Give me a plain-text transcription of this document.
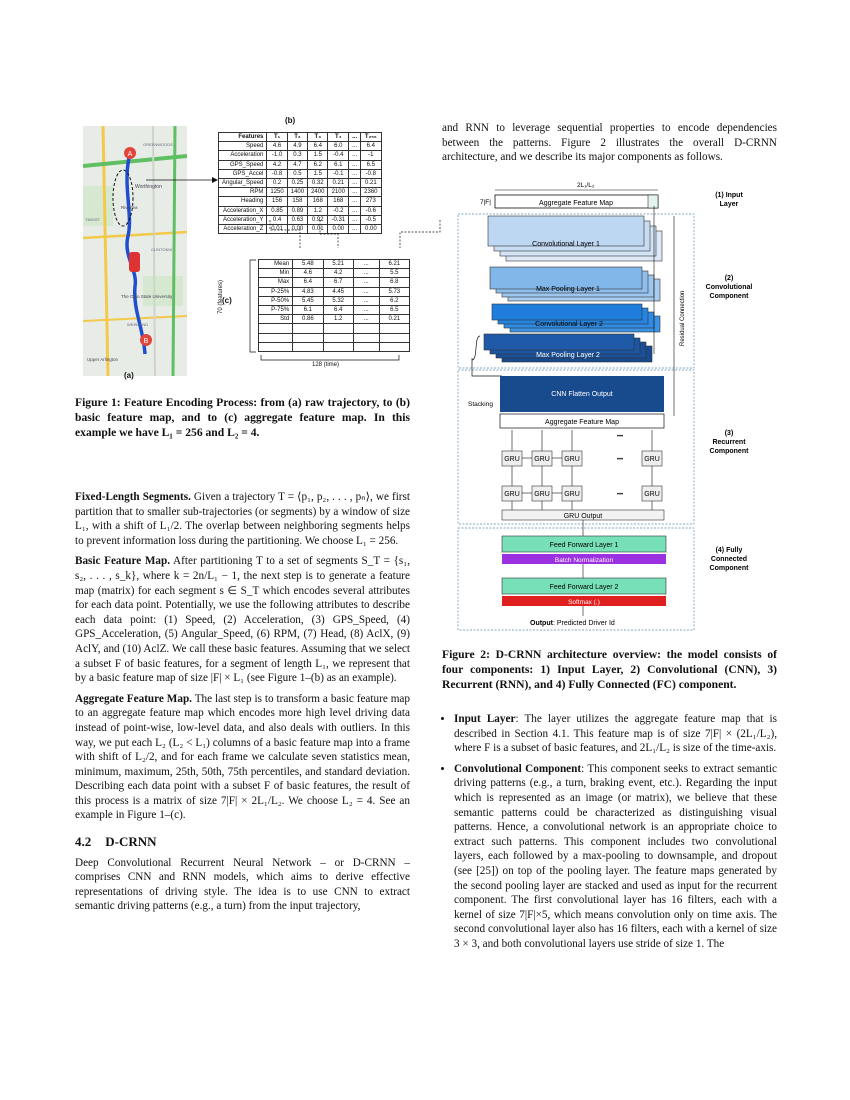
A
B
GREENWOODS
Worthington
Riverlea
TIMOST
CLINTONVI
The Ohio State University
WEINLAND
Upper Arlington
(a)
(b)
Features	T₁	T₂	T₃	T₄	...	T₂₅₆
Speed	4.6	4.9	6.4	6.0	...	6.4
Acceleration	-1.0	0.3	1.5	-0.4	...	-1
GPS_Speed	4.2	4.7	6.2	6.1	...	6.5
GPS_Accel	-0.8	0.5	1.5	-0.1	...	-0.8
Angular_Speed	0.2	0.25	0.32	0.21	...	0.21
RPM	1250	1400	2400	2100	...	2360
Heading	156	158	168	168	...	273
Acceleration_X	0.85	0.89	1.2	-0.2	...	-0.6
Acceleration_Y	0.4	0.63	0.92	-0.31	...	-0.5
Acceleration_Z	0.01	0.00	0.01	0.00	...	0.00
(c)
70 (features)
Mean	5.48	5.21	...	6.21
Min	4.6	4.2	...	5.5
Max	6.4	6.7	...	6.8
P-25%	4.83	4.45	...	5.73
P-50%	5.45	5.32	...	6.2
P-75%	6.1	6.4	...	6.5
Std	0.86	1.2	...	0.21

128 (time)
Figure 1: Feature Encoding Process: from (a) raw trajectory, to (b) basic feature map, and to (c) aggregate feature map. In this example we have L₁ = 256 and L₂ = 4.

Fixed-Length Segments. Given a trajectory T = ⟨p₁, p₂, . . . , pₙ⟩, we first partition that to smaller sub-trajectories (or segments) by a window of size L₁, with a shift of L₁/2. The overlap between neighboring segments helps to prevent information loss during the partitioning. We choose L₁ = 256.

Basic Feature Map. After partitioning T to a set of segments S_T = {s₁, s₂, . . . , s_k}, where k = 2n/L₁ − 1, the next step is to generate a feature map (matrix) for each segment s ∈ S_T which encodes several attributes for each data point. Potentially, we use the following attributes to describe each data point: (1) Speed, (2) Acceleration, (3) GPS_Speed, (4) GPS_Acceleration, (5) Angular_Speed, (6) RPM, (7) Head, (8) AclX, (9) AclY, and (10) AclZ. We call these basic features. Assuming that we select a subset F of basic features, for a segment of length L₁, we represent that by a basic feature map of size |F| × L₁ (see Figure 1–(b) as an example).

Aggregate Feature Map. The last step is to transform a basic feature map to an aggregate feature map which encodes more high level driving data instead of point-wise, low-level data, and also deals with outliers. In this way, we put each L₂ (L₂ < L₁) columns of a basic feature map into a frame with shift of L₂/2, and for each frame we calculate seven statistics mean, minimum, maximum, 25th, 50th, 75th percentiles, and standard deviation. Describing each data point with a subset F of basic features, the result of this process is a matrix of size 7|F| × 2L₁/L₂. We choose L₂ = 4. See an example in Figure 1–(c).

4.2 D-CRNN

Deep Convolutional Recurrent Neural Network – or D-CRNN – comprises CNN and RNN models, which aims to derive effective representations of driving style. The idea is to use CNN to extract semantic driving patterns (e.g., a turn) from the input trajectory,

and RNN to leverage sequential properties to encode dependencies between the patterns. Figure 2 illustrates the overall D-CRNN architecture, and we describe its major components as follows.
2L₁/L₂
7|F|	Aggregate Feature Map
Convolutional Layer 1
Max Pooling Layer 1
Convolutional Layer 2
Max Pooling Layer 2
Residual Connection
Stacking
CNN Flatten Output
Aggregate Feature Map
•••
GRU GRU GRU	•••	GRU
GRU GRU GRU	•••	GRU
GRU Output
Feed Forward Layer 1
Batch Normalization
Feed Forward Layer 2
Softmax (.)
Output: Predicted Driver Id
(1) Input
Layer
(2)
Convolutional
Component
(3)
Recurrent
Component
(4) Fully
Connected
Component
Figure 2: D-CRNN architecture overview: the model consists of four components: 1) Input Layer, 2) Convolutional (CNN), 3) Recurrent (RNN), and 4) Fully Connected (FC) component.
• Input Layer: The layer utilizes the aggregate feature map that is described in Section 4.1. This feature map is of size 7|F| × (2L₁/L₂), where F is a subset of basic features, and 2L₁/L₂ is size of the time-axis.
• Convolutional Component: This component seeks to extract semantic driving patterns (e.g., a turn, braking event, etc.). Regarding the input which is represented as an image (or matrix), we believe that these semantic patterns could be characterized as distinguishing visual patterns. Hence, a convolutional network is an appropriate choice to extract such patterns. This component includes two convolutional layers, each followed by a max-pooling to downsample, and dropout (see [25]) on top of the pooling layer. The feature maps generated by the second pooling layer are stacked and used as input for the recurrent component. The first convolutional layer has 16 filters, each with a kernel of size 7|F|×5, which means convolution only on time axis. The second convolutional layer also has 16 filters, each with a kernel of size 3 × 3, and both convolutional layers use stride of size 1. The
